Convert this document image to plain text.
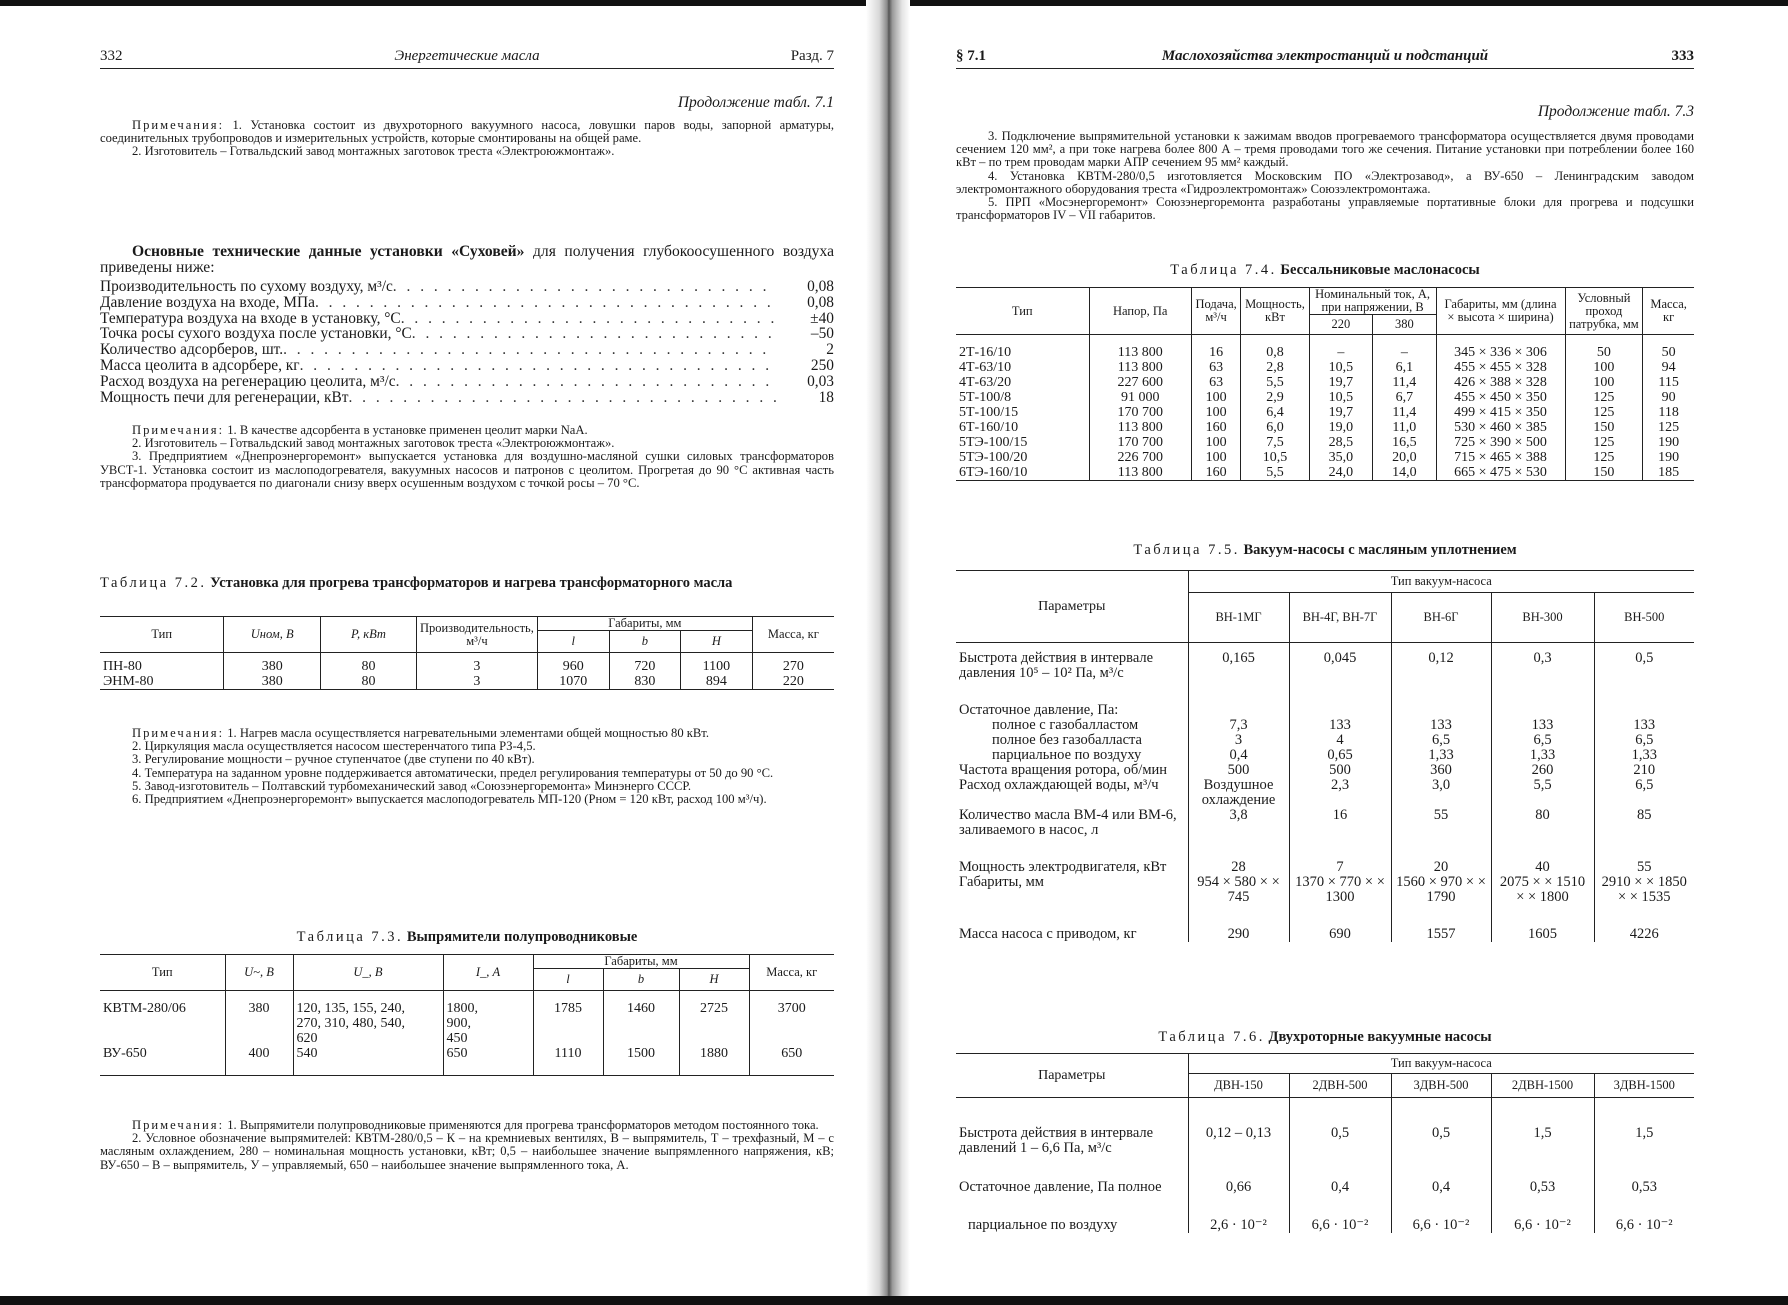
332	Энергетические масла	Разд. 7
Продолжение табл. 7.1

Примечания: 1. Установка состоит из двухроторного вакуумного насоса, ловушки паров воды, запорной арматуры, соединительных трубопроводов и измерительных устройств, которые смонтированы на общей раме.

2. Изготовитель – Готвальдский завод монтажных заготовок треста «Электроюжмонтаж».

Основные технические данные установки «Суховей» для получения глубокоосушенного воздуха приведены ниже:
Производительность по сухому воздуху, м³/с . . .	0,08
Давление воздуха на входе, МПа . . .	0,08
Температура воздуха на входе в установку, °С . . .	±40
Точка росы сухого воздуха после установки, °С . . .	–50
Количество адсорберов, шт. . . .	2
Масса цеолита в адсорбере, кг . . .	250
Расход воздуха на регенерацию цеолита, м³/с . . .	0,03
Мощность печи для регенерации, кВт . . .	18

Примечания: 1. В качестве адсорбента в установке применен цеолит марки NaA.

2. Изготовитель – Готвальдский завод монтажных заготовок треста «Электроюжмонтаж».

3. Предприятием «Днепроэнергоремонт» выпускается установка для воздушно-масляной сушки силовых трансформаторов УВСТ-1. Установка состоит из маслоподогревателя, вакуумных насосов и патронов с цеолитом. Прогретая до 90 °С активная часть трансформатора продувается по диагонали снизу вверх осушенным воздухом с точкой росы – 70 °С.

Таблица 7.2. Установка для прогрева трансформаторов и нагрева трансформаторного масла
Тип	Uном, В	P, кВт	Производительность, м³/ч	Габариты, мм			Масса, кг
				l	b	H	

ПН-80	380	80	3	960	720	1100	270
ЭНМ-80	380	80	3	1070	830	894	220

Примечания: 1. Нагрев масла осуществляется нагревательными элементами общей мощностью 80 кВт.

2. Циркуляция масла осуществляется насосом шестеренчатого типа РЗ-4,5.

3. Регулирование мощности – ручное ступенчатое (две ступени по 40 кВт).

4. Температура на заданном уровне поддерживается автоматически, предел регулирования температуры от 50 до 90 °С.

5. Завод-изготовитель – Полтавский турбомеханический завод «Союзэнергоремонта» Минэнерго СССР.

6. Предприятием «Днепроэнергоремонт» выпускается маслоподогреватель МП-120 (Pном = 120 кВт, расход 100 м³/ч).

Таблица 7.3. Выпрямители полупроводниковые
Тип	U~, В	U_, В	I_, А	Габариты, мм			Масса, кг
				l	b	H	

КВТМ-280/06	380	120, 135, 155, 240,	1800,	1785	1460	2725	3700
		270, 310, 480, 540,	900,				
		620	450				
ВУ-650	400	540	650	1110	1500	1880	650

Примечания: 1. Выпрямители полупроводниковые применяются для прогрева трансформаторов методом постоянного тока.

2. Условное обозначение выпрямителей: КВТМ-280/0,5 – К – на кремниевых вентилях, В – выпрямитель, Т – трехфазный, М – с масляным охлаждением, 280 – номинальная мощность установки, кВт; 0,5 – наибольшее значение выпрямленного напряжения, кВ; ВУ-650 – В – выпрямитель, У – управляемый, 650 – наибольшее значение выпрямленного тока, А.

§ 7.1	Маслохозяйства электростанций и подстанций	333
Продолжение табл. 7.3

3. Подключение выпрямительной установки к зажимам вводов прогреваемого трансформатора осуществляется двумя проводами сечением 120 мм², а при токе нагрева более 800 А – тремя проводами того же сечения. Питание установки при потреблении более 160 кВт – по трем проводам марки АПР сечением 95 мм² каждый.

4. Установка КВТМ-280/0,5 изготовляется Московским ПО «Электрозавод», а ВУ-650 – Ленинградским заводом электромонтажного оборудования треста «Гидроэлектромонтаж» Союзэлектромонтажа.

5. ПРП «Мосэнергоремонт» Союзэнергоремонта разработаны управляемые портативные блоки для прогрева и подсушки трансформаторов IV – VII габаритов.

Таблица 7.4. Бессальниковые маслонасосы
Тип	Напор, Па	Подача, м³/ч	Мощность, кВт	Номинальный ток, А, при напряжении, В		Габариты, мм (длина × высота × ширина)	Условный проход патрубка, мм	Масса, кг
				220	380			

2Т-16/10	113 800	16	0,8	–	–	345 × 336 × 306	50	50
4Т-63/10	113 800	63	2,8	10,5	6,1	455 × 455 × 328	100	94
4Т-63/20	227 600	63	5,5	19,7	11,4	426 × 388 × 328	100	115
5Т-100/8	91 000	100	2,9	10,5	6,7	455 × 450 × 350	125	90
5Т-100/15	170 700	100	6,4	19,7	11,4	499 × 415 × 350	125	118
6Т-160/10	113 800	160	6,0	19,0	11,0	530 × 460 × 385	150	125
5ТЭ-100/15	170 700	100	7,5	28,5	16,5	725 × 390 × 500	125	190
5ТЭ-100/20	226 700	100	10,5	35,0	20,0	715 × 465 × 388	125	190
6ТЭ-160/10	113 800	160	5,5	24,0	14,0	665 × 475 × 530	150	185
Таблица 7.5. Вакуум-насосы с масляным уплотнением
Параметры	Тип вакуум-насоса				
	ВН-1МГ	ВН-4Г, ВН-7Г	ВН-6Г	ВН-300	ВН-500

Быстрота действия в интервале давления 10⁵ – 10² Па, м³/с	0,165	0,045	0,12	0,3	0,5
Остаточное давление, Па:					
полное с газобалластом	7,3	133	133	133	133
полное без газобалласта	3	4	6,5	6,5	6,5
парциальное по воздуху	0,4	0,65	1,33	1,33	1,33
Частота вращения ротора, об/мин	500	500	360	260	210
Расход охлаждающей воды, м³/ч	Воздушное охлаждение	2,3	3,0	5,5	6,5
Количество масла ВМ-4 или ВМ-6, заливаемого в насос, л	3,8	16	55	80	85
Мощность электродвигателя, кВт	28	7	20	40	55
Габариты, мм	954 × 580 × × 745	1370 × 770 × × 1300	1560 × 970 × × 1790	2075 × × 1510 × × 1800	2910 × × 1850 × × 1535
Масса насоса с приводом, кг	290	690	1557	1605	4226
Таблица 7.6. Двухроторные вакуумные насосы
Параметры	Тип вакуум-насоса				
	ДВН-150	2ДВН-500	3ДВН-500	2ДВН-1500	3ДВН-1500

Быстрота действия в интервале давлений 1 – 6,6 Па, м³/с	0,12 – 0,13	0,5	0,5	1,5	1,5
Остаточное давление, Па полное	0,66	0,4	0,4	0,53	0,53
парциальное по воздуху	2,6 · 10⁻²	6,6 · 10⁻²	6,6 · 10⁻²	6,6 · 10⁻²	6,6 · 10⁻²
